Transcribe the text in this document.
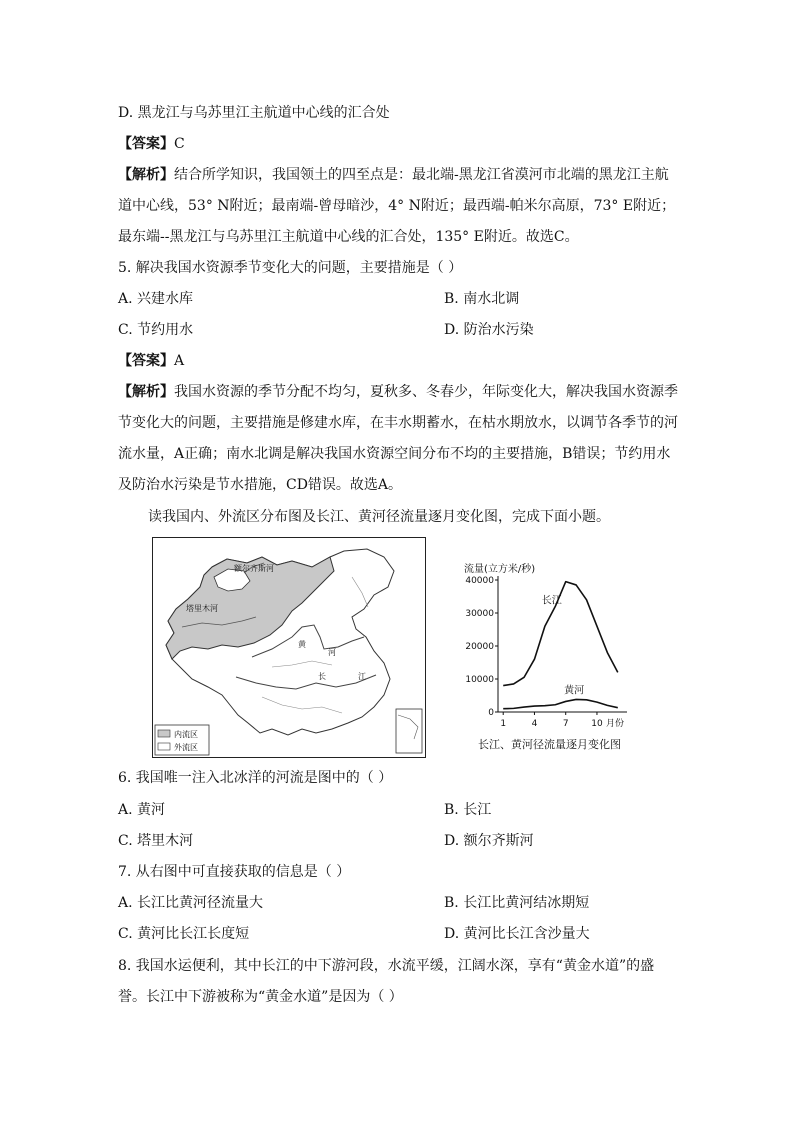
D. 黑龙江与乌苏里江主航道中心线的汇合处
【答案】C
【解析】结合所学知识，我国领土的四至点是：最北端-黑龙江省漠河市北端的黑龙江主航
道中心线，53° N附近；最南端-曾母暗沙，4° N附近；最西端-帕米尔高原，73° E附近；
最东端--黑龙江与乌苏里江主航道中心线的汇合处，135° E附近。故选C。
5. 解决我国水资源季节变化大的问题，主要措施是（ ）
A. 兴建水库	B. 南水北调
C. 节约用水	D. 防治水污染
【答案】A
【解析】我国水资源的季节分配不均匀，夏秋多、冬春少，年际变化大，解决我国水资源季
节变化大的问题，主要措施是修建水库，在丰水期蓄水，在枯水期放水，以调节各季节的河
流水量，A正确；南水北调是解决我国水资源空间分布不均的主要措施，B错误；节约用水
及防治水污染是节水措施，CD错误。故选A。
读我国内、外流区分布图及长江、黄河径流量逐月变化图，完成下面小题。
额尔齐斯河
塔里木河
黄
河
长	江
内流区
外流区
流量(立方米/秒)
0
10000
20000
30000
40000
1	4	7	10 月份
长江
黄河
长江、黄河径流量逐月变化图
6. 我国唯一注入北冰洋的河流是图中的（ ）
A. 黄河	B. 长江
C. 塔里木河	D. 额尔齐斯河
7. 从右图中可直接获取的信息是（ ）
A. 长江比黄河径流量大	B. 长江比黄河结冰期短
C. 黄河比长江长度短	D. 黄河比长江含沙量大
8. 我国水运便利，其中长江的中下游河段，水流平缓，江阔水深，享有“黄金水道”的盛
誉。长江中下游被称为“黄金水道”是因为（ ）
